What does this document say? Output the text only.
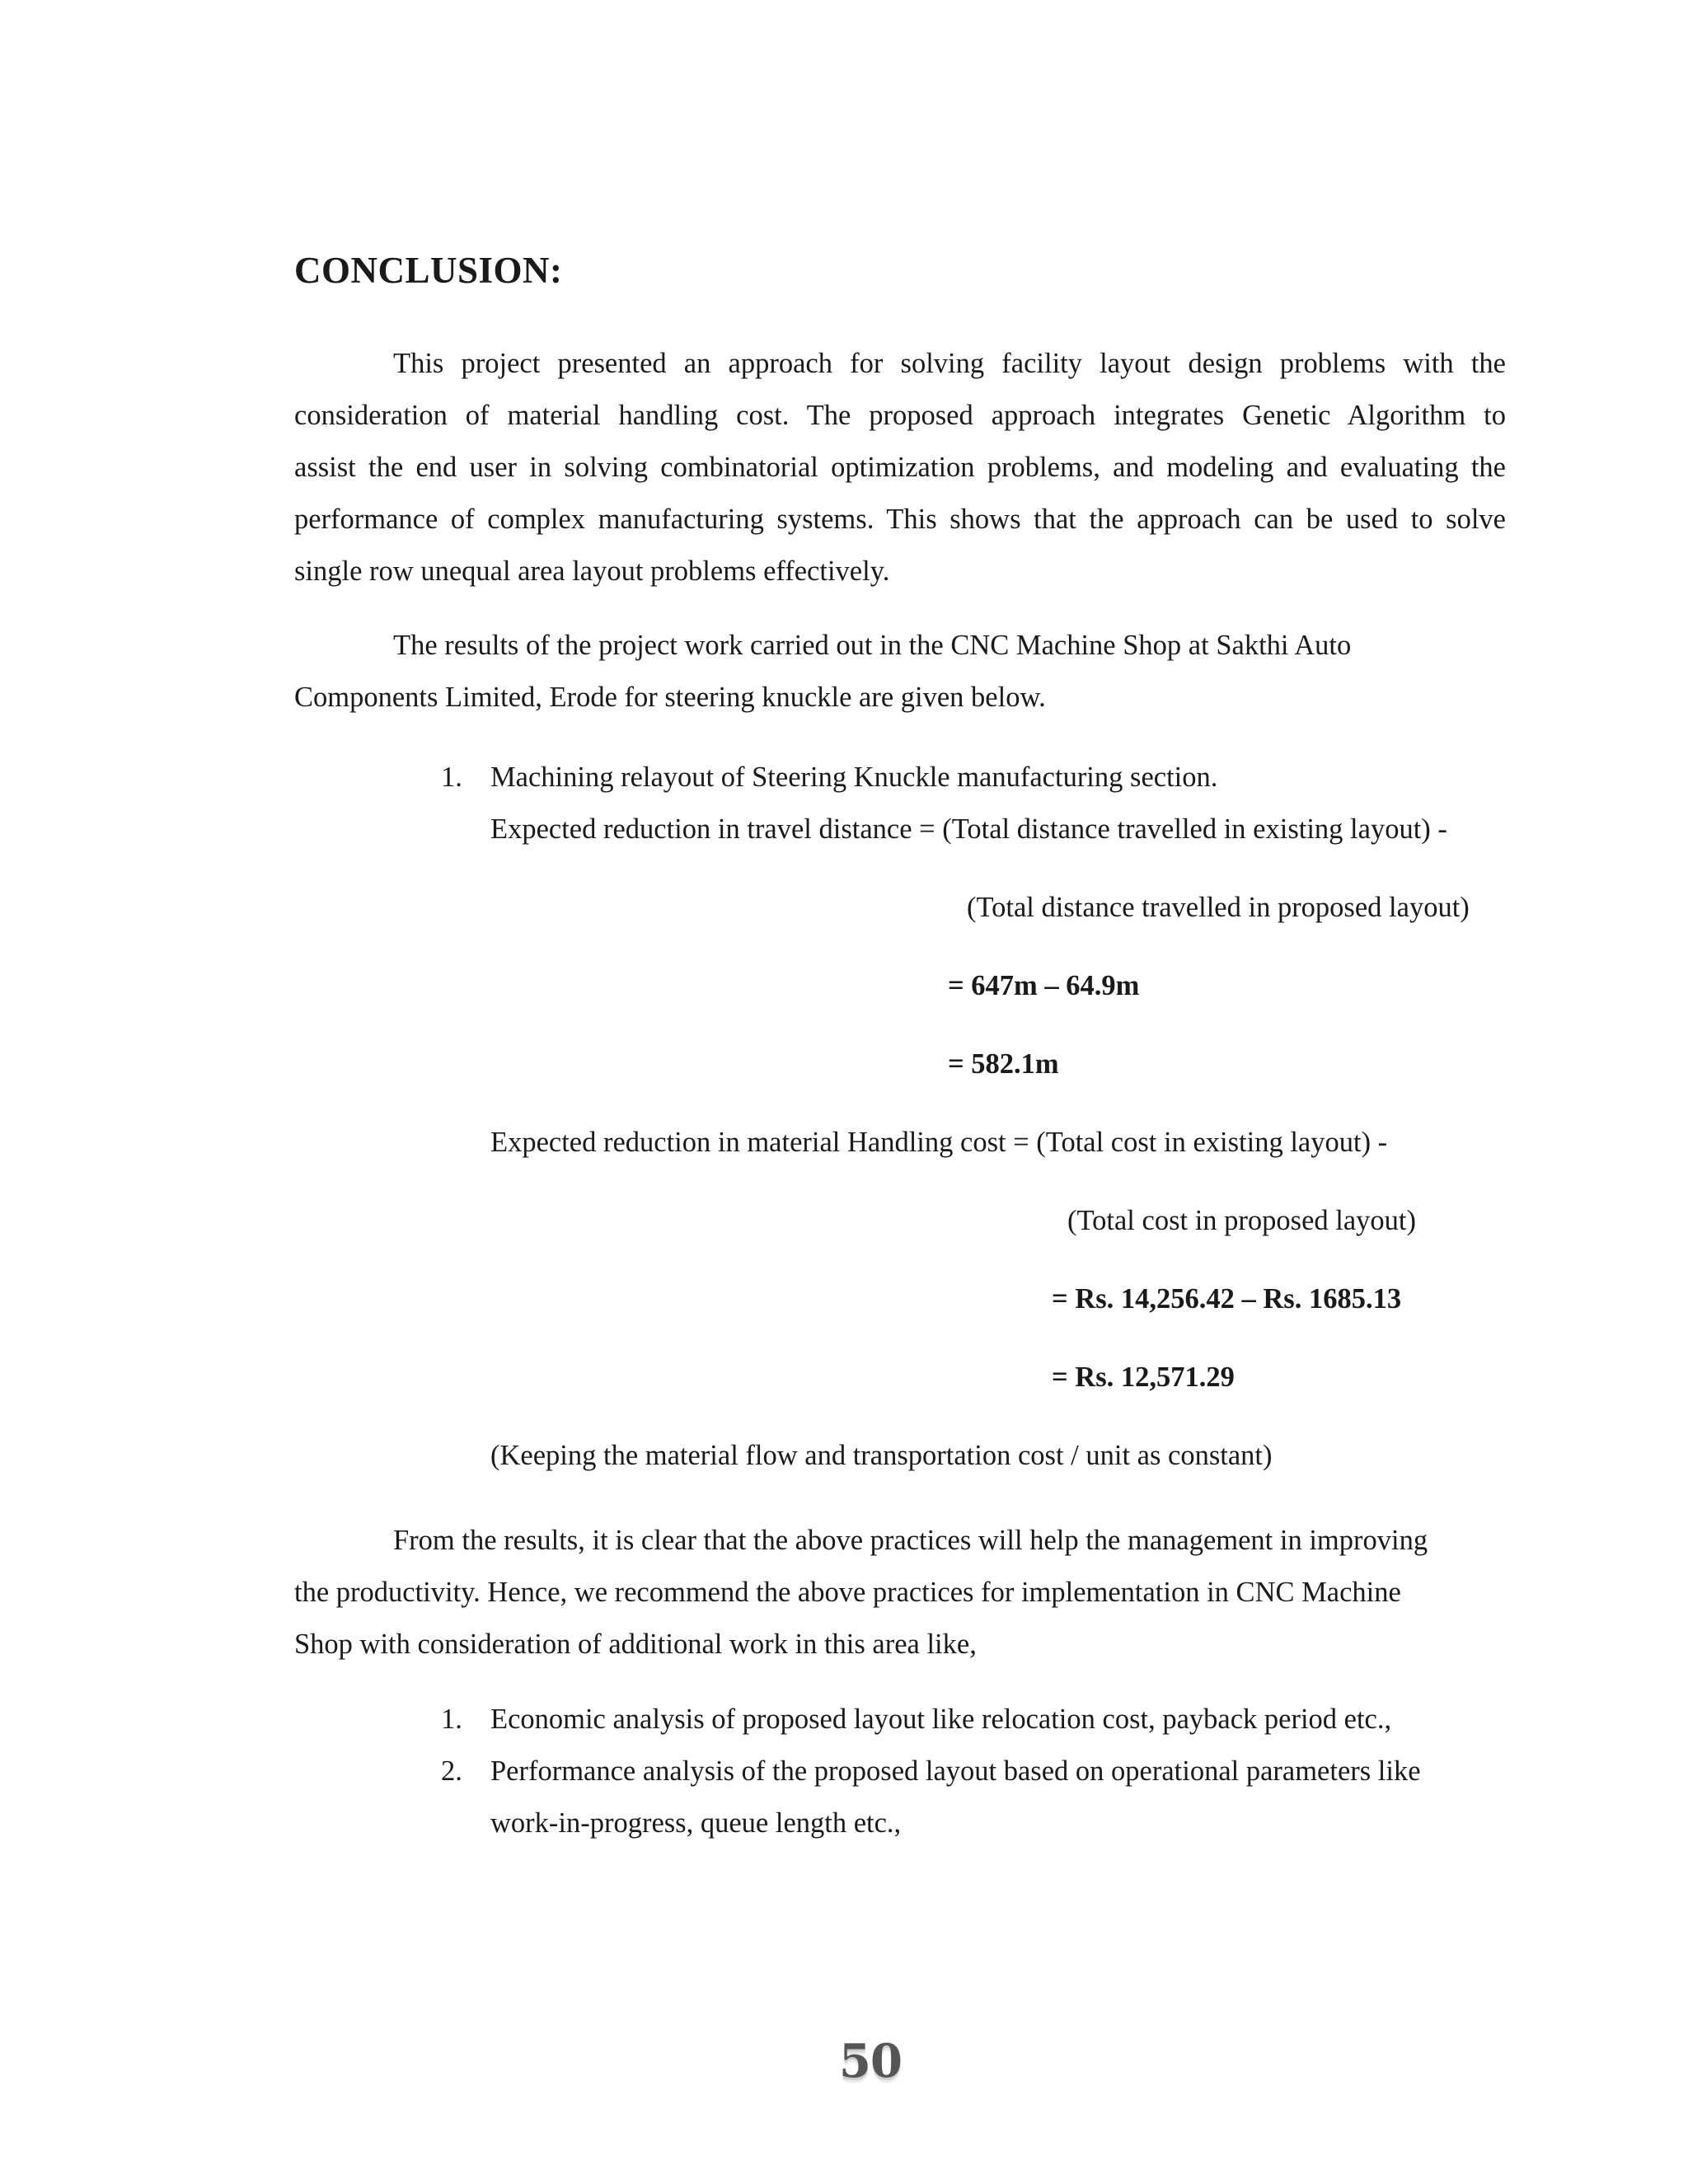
CONCLUSION:
This project presented an approach for solving facility layout design problems with the
consideration of material handling cost. The proposed approach integrates Genetic Algorithm to
assist the end user in solving combinatorial optimization problems, and modeling and evaluating the
performance of complex manufacturing systems. This shows that the approach can be used to solve
single row unequal area layout problems effectively.
The results of the project work carried out in the CNC Machine Shop at Sakthi Auto
Components Limited, Erode for steering knuckle are given below.
1. Machining relayout of Steering Knuckle manufacturing section.
Expected reduction in travel distance = (Total distance travelled in existing layout) -
(Total distance travelled in proposed layout)
= 647m – 64.9m
= 582.1m
Expected reduction in material Handling cost = (Total cost in existing layout) -
(Total cost in proposed layout)
= Rs. 14,256.42 – Rs. 1685.13
= Rs. 12,571.29
(Keeping the material flow and transportation cost / unit as constant)
From the results, it is clear that the above practices will help the management in improving
the productivity. Hence, we recommend the above practices for implementation in CNC Machine
Shop with consideration of additional work in this area like,
1. Economic analysis of proposed layout like relocation cost, payback period etc.,
2. Performance analysis of the proposed layout based on operational parameters like
work-in-progress, queue length etc.,
50
